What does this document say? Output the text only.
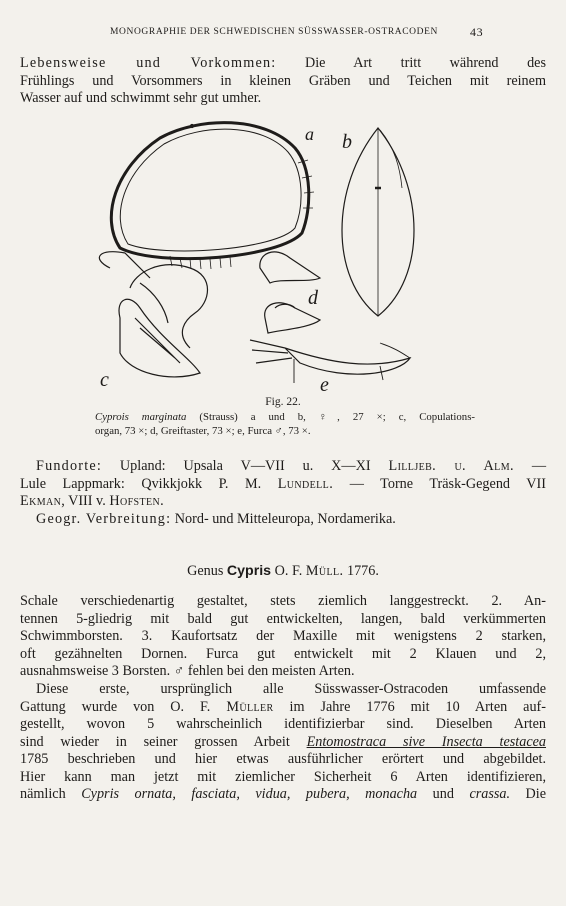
MONOGRAPHIE DER SCHWEDISCHEN SÜSSWASSER-OSTRACODEN	43
Lebensweise und Vorkommen: Die Art tritt während des
Frühlings und Vorsommers in kleinen Gräben und Teichen mit reinem
Wasser auf und schwimmt sehr gut umher.
a b
c
d
e
Fig. 22.
Cyprois marginata (Strauss) a und b, ♀, 27 ×; c, Copulations-
organ, 73 ×; d, Greiftaster, 73 ×; e, Furca ♂, 73 ×.
Fundorte: Upland: Upsala V—VII u. X—XI Lilljeb. u. Alm. —
Lule Lappmark: Qvikkjokk P. M. Lundell. — Torne Träsk-Gegend VII
Ekman, VIII v. Hofsten.
Geogr. Verbreitung: Nord- und Mitteleuropa, Nordamerika.
Genus Cypris O. F. Müll. 1776.
Schale verschiedenartig gestaltet, stets ziemlich langgestreckt. 2. An-
tennen 5-gliedrig mit bald gut entwickelten, langen, bald verkümmerten
Schwimmborsten. 3. Kaufortsatz der Maxille mit wenigstens 2 starken,
oft gezähnelten Dornen. Furca gut entwickelt mit 2 Klauen und 2,
ausnahmsweise 3 Borsten. ♂ fehlen bei den meisten Arten.
Diese erste, ursprünglich alle Süsswasser-Ostracoden umfassende
Gattung wurde von O. F. Müller im Jahre 1776 mit 10 Arten auf-
gestellt, wovon 5 wahrscheinlich identifizierbar sind. Dieselben Arten
sind wieder in seiner grossen Arbeit Entomostraca sive Insecta testacea
1785 beschrieben und hier etwas ausführlicher erörtert und abgebildet.
Hier kann man jetzt mit ziemlicher Sicherheit 6 Arten identifizieren,
nämlich Cypris ornata, fasciata, vidua, pubera, monacha und crassa. Die
